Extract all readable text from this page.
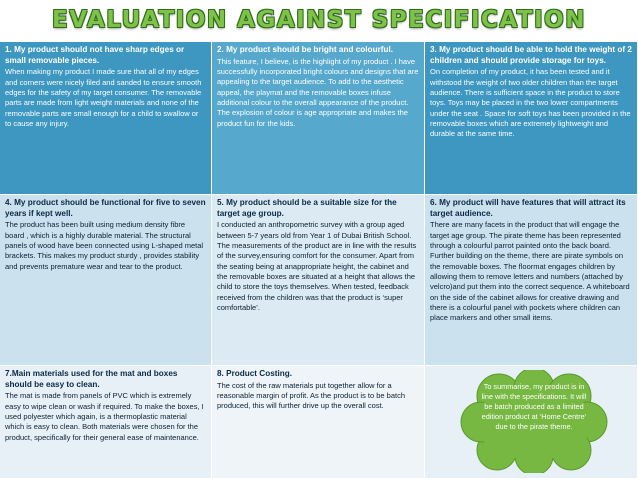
EVALUATION AGAINST SPECIFICATION
1. My product should not have sharp edges or small removable pieces.
When making my product I made sure that all of my edges and corners were nicely filed and sanded to ensure smooth edges for the safety of my target consumer. The removable parts are made from light weight materials and none of the removable parts are small enough for a child to swallow or to cause any injury.
2. My product should be bright and colourful.
This feature, I believe, is the highlight of my product . I have successfully incorporated bright colours and designs that are appealing to the target audience. To add to the aesthetic appeal, the playmat and the removable boxes infuse additional colour to the overall appearance of the product. The explosion of colour is age appropriate and makes the product fun for the kids.
3. My product should be able to hold the weight of 2 children and should provide storage for toys.
On completion of my product, it has been tested and it withstood the weight of two older children than the target audience. There is sufficient space in the product to store toys. Toys may be placed in the two lower compartments under the seat . Space for soft toys has been provided in the removable boxes which are extremely lightweight and durable at the same time.
4. My product should be functional for five to seven years if kept well.
The product has been built using medium density fibre board , which is a highly durable material. The structural panels of wood have been connected using L-shaped metal brackets. This makes my product sturdy , provides stability and prevents premature wear and tear to the product.
5. My product should be a suitable size for the target age group.
I conducted an anthropometric survey with a group aged between 5-7 years old from Year 1 of Dubai British School. The measurements of the product are in line with the results of the survey,ensuring comfort for the consumer. Apart from the seating being at anappropriate height, the cabinet and the removable boxes are situated at a height that allows the child to store the toys themselves. When tested, feedback received from the children was that the product is ‘super comfortable’.
6. My product will have features that will attract its target audience.
There are many facets in the product that will engage the target age group. The pirate theme has been represented through a colourful parrot painted onto the back board. Further building on the theme, there are pirate symbols on the removable boxes. The floormat engages children by allowing them to remove letters and numbers (attached by velcro)and put them into the correct sequence. A whiteboard on the side of the cabinet allows for creative drawing and there is a colourful panel with pockets where children can place markers and other small items.
7.Main materials used for the mat and boxes should be easy to clean.
The mat is made from panels of PVC which is extremely easy to wipe clean or wash if required. To make the boxes, I used polyester which again, is a thermoplastic material which is easy to clean. Both materials were chosen for the product, specifically for their general ease of maintenance.
8. Product Costing.
The cost of the raw materials put together allow for a reasonable margin of profit. As the product is to be batch produced, this will further drive up the overall cost.
To summarise, my product is in line with the specifications. It will be batch produced as a limited edition product at ‘Home Centre’ due to the pirate theme.
